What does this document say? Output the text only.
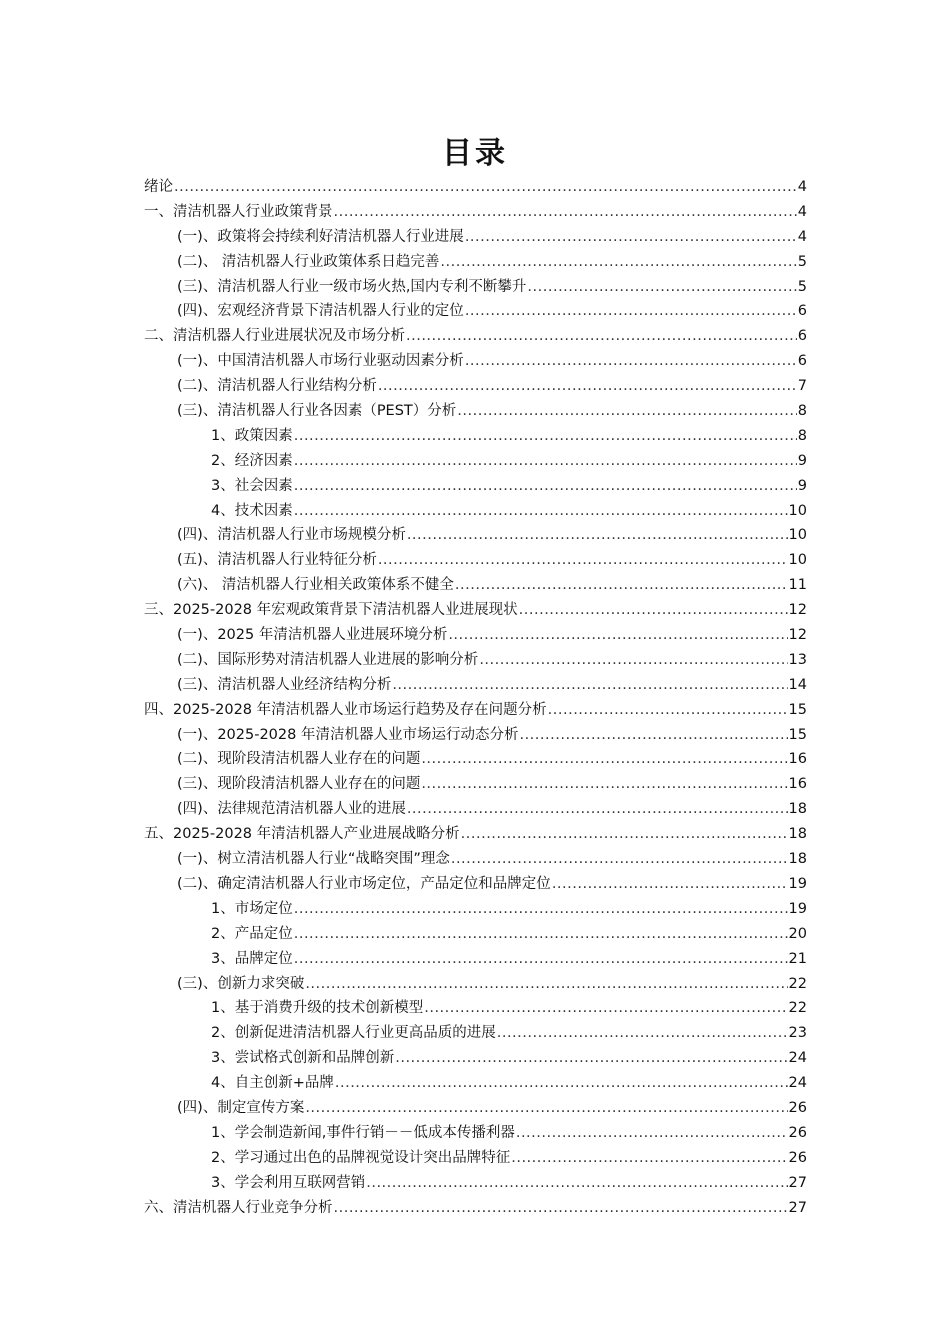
目录
绪论 .....	4
一、清洁机器人行业政策背景 .....	4
(一)、政策将会持续利好清洁机器人行业进展 .....	4
(二)、 清洁机器人行业政策体系日趋完善 .....	5
(三)、清洁机器人行业一级市场火热,国内专利不断攀升 .....	5
(四)、宏观经济背景下清洁机器人行业的定位 .....	6
二、清洁机器人行业进展状况及市场分析 .....	6
(一)、中国清洁机器人市场行业驱动因素分析 .....	6
(二)、清洁机器人行业结构分析 .....	7
(三)、清洁机器人行业各因素（PEST）分析 .....	8
1、政策因素 .....	8
2、经济因素 .....	9
3、社会因素 .....	9
4、技术因素 .....	10
(四)、清洁机器人行业市场规模分析 .....	10
(五)、清洁机器人行业特征分析 .....	10
(六)、 清洁机器人行业相关政策体系不健全 .....	11
三、2025-2028 年宏观政策背景下清洁机器人业进展现状 .....	12
(一)、2025 年清洁机器人业进展环境分析 .....	12
(二)、国际形势对清洁机器人业进展的影响分析 .....	13
(三)、清洁机器人业经济结构分析 .....	14
四、2025-2028 年清洁机器人业市场运行趋势及存在问题分析 .....	15
(一)、2025-2028 年清洁机器人业市场运行动态分析 .....	15
(二)、现阶段清洁机器人业存在的问题 .....	16
(三)、现阶段清洁机器人业存在的问题 .....	16
(四)、法律规范清洁机器人业的进展 .....	18
五、2025-2028 年清洁机器人产业进展战略分析 .....	18
(一)、树立清洁机器人行业“战略突围”理念 .....	18
(二)、确定清洁机器人行业市场定位，产品定位和品牌定位 .....	19
1、市场定位 .....	19
2、产品定位 .....	20
3、品牌定位 .....	21
(三)、创新力求突破 .....	22
1、基于消费升级的技术创新模型 .....	22
2、创新促进清洁机器人行业更高品质的进展 .....	23
3、尝试格式创新和品牌创新 .....	24
4、自主创新+品牌 .....	24
(四)、制定宣传方案 .....	26
1、学会制造新闻,事件行销－－低成本传播利器 .....	26
2、学习通过出色的品牌视觉设计突出品牌特征 .....	26
3、学会利用互联网营销 .....	27
六、清洁机器人行业竞争分析 .....	27
